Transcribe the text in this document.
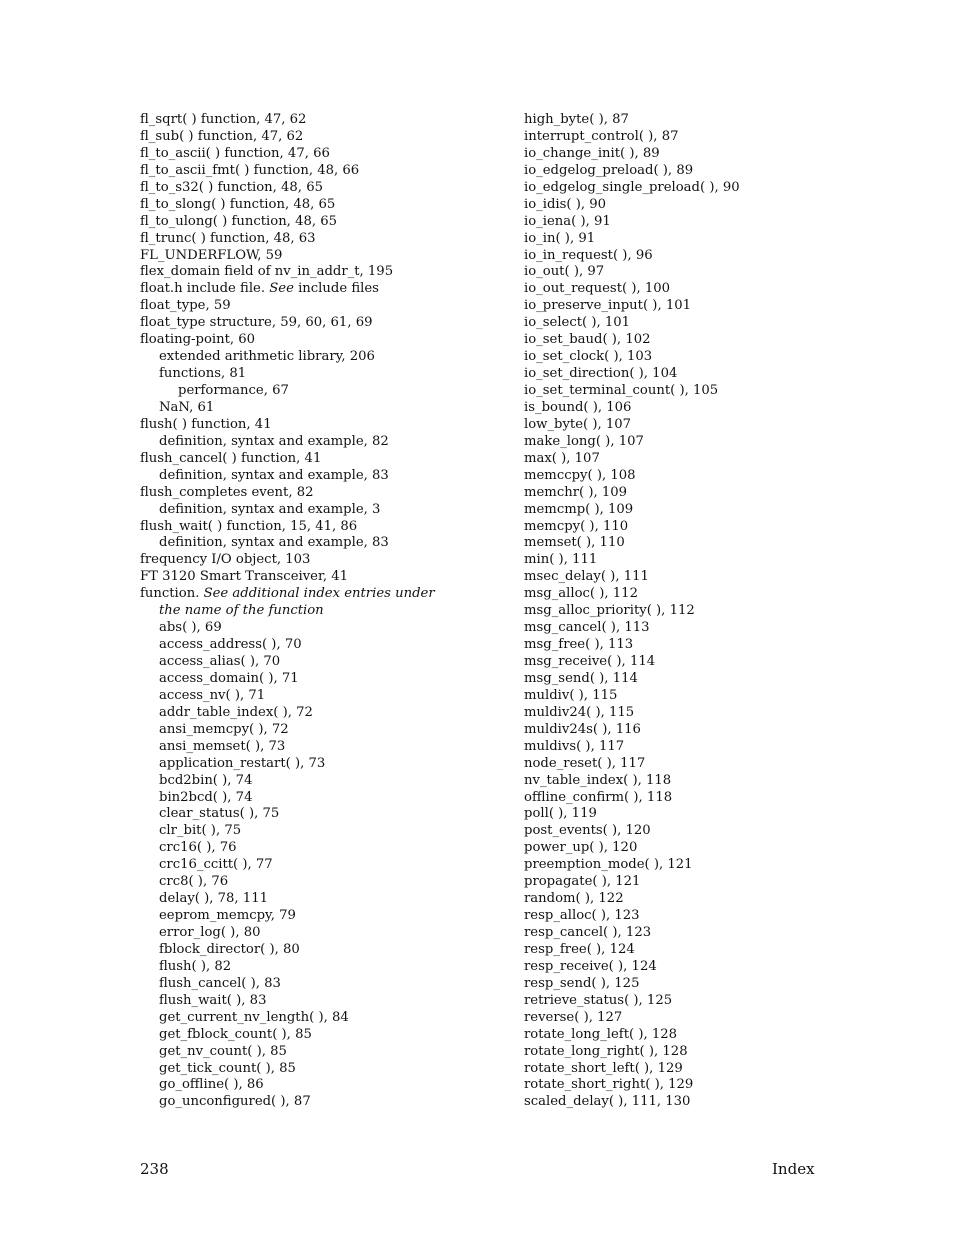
fl_sqrt( ) function, 47, 62
fl_sub( ) function, 47, 62
fl_to_ascii( ) function, 47, 66
fl_to_ascii_fmt( ) function, 48, 66
fl_to_s32( ) function, 48, 65
fl_to_slong( ) function, 48, 65
fl_to_ulong( ) function, 48, 65
fl_trunc( ) function, 48, 63
FL_UNDERFLOW, 59
flex_domain field of nv_in_addr_t, 195
float.h include file. See include files
float_type, 59
float_type structure, 59, 60, 61, 69
floating-point, 60
extended arithmetic library, 206
functions, 81
performance, 67
NaN, 61
flush( ) function, 41
definition, syntax and example, 82
flush_cancel( ) function, 41
definition, syntax and example, 83
flush_completes event, 82
definition, syntax and example, 3
flush_wait( ) function, 15, 41, 86
definition, syntax and example, 83
frequency I/O object, 103
FT 3120 Smart Transceiver, 41
function. See additional index entries under
the name of the function
abs( ), 69
access_address( ), 70
access_alias( ), 70
access_domain( ), 71
access_nv( ), 71
addr_table_index( ), 72
ansi_memcpy( ), 72
ansi_memset( ), 73
application_restart( ), 73
bcd2bin( ), 74
bin2bcd( ), 74
clear_status( ), 75
clr_bit( ), 75
crc16( ), 76
crc16_ccitt( ), 77
crc8( ), 76
delay( ), 78, 111
eeprom_memcpy, 79
error_log( ), 80
fblock_director( ), 80
flush( ), 82
flush_cancel( ), 83
flush_wait( ), 83
get_current_nv_length( ), 84
get_fblock_count( ), 85
get_nv_count( ), 85
get_tick_count( ), 85
go_offline( ), 86
go_unconfigured( ), 87
high_byte( ), 87
interrupt_control( ), 87
io_change_init( ), 89
io_edgelog_preload( ), 89
io_edgelog_single_preload( ), 90
io_idis( ), 90
io_iena( ), 91
io_in( ), 91
io_in_request( ), 96
io_out( ), 97
io_out_request( ), 100
io_preserve_input( ), 101
io_select( ), 101
io_set_baud( ), 102
io_set_clock( ), 103
io_set_direction( ), 104
io_set_terminal_count( ), 105
is_bound( ), 106
low_byte( ), 107
make_long( ), 107
max( ), 107
memccpy( ), 108
memchr( ), 109
memcmp( ), 109
memcpy( ), 110
memset( ), 110
min( ), 111
msec_delay( ), 111
msg_alloc( ), 112
msg_alloc_priority( ), 112
msg_cancel( ), 113
msg_free( ), 113
msg_receive( ), 114
msg_send( ), 114
muldiv( ), 115
muldiv24( ), 115
muldiv24s( ), 116
muldivs( ), 117
node_reset( ), 117
nv_table_index( ), 118
offline_confirm( ), 118
poll( ), 119
post_events( ), 120
power_up( ), 120
preemption_mode( ), 121
propagate( ), 121
random( ), 122
resp_alloc( ), 123
resp_cancel( ), 123
resp_free( ), 124
resp_receive( ), 124
resp_send( ), 125
retrieve_status( ), 125
reverse( ), 127
rotate_long_left( ), 128
rotate_long_right( ), 128
rotate_short_left( ), 129
rotate_short_right( ), 129
scaled_delay( ), 111, 130
238	Index
